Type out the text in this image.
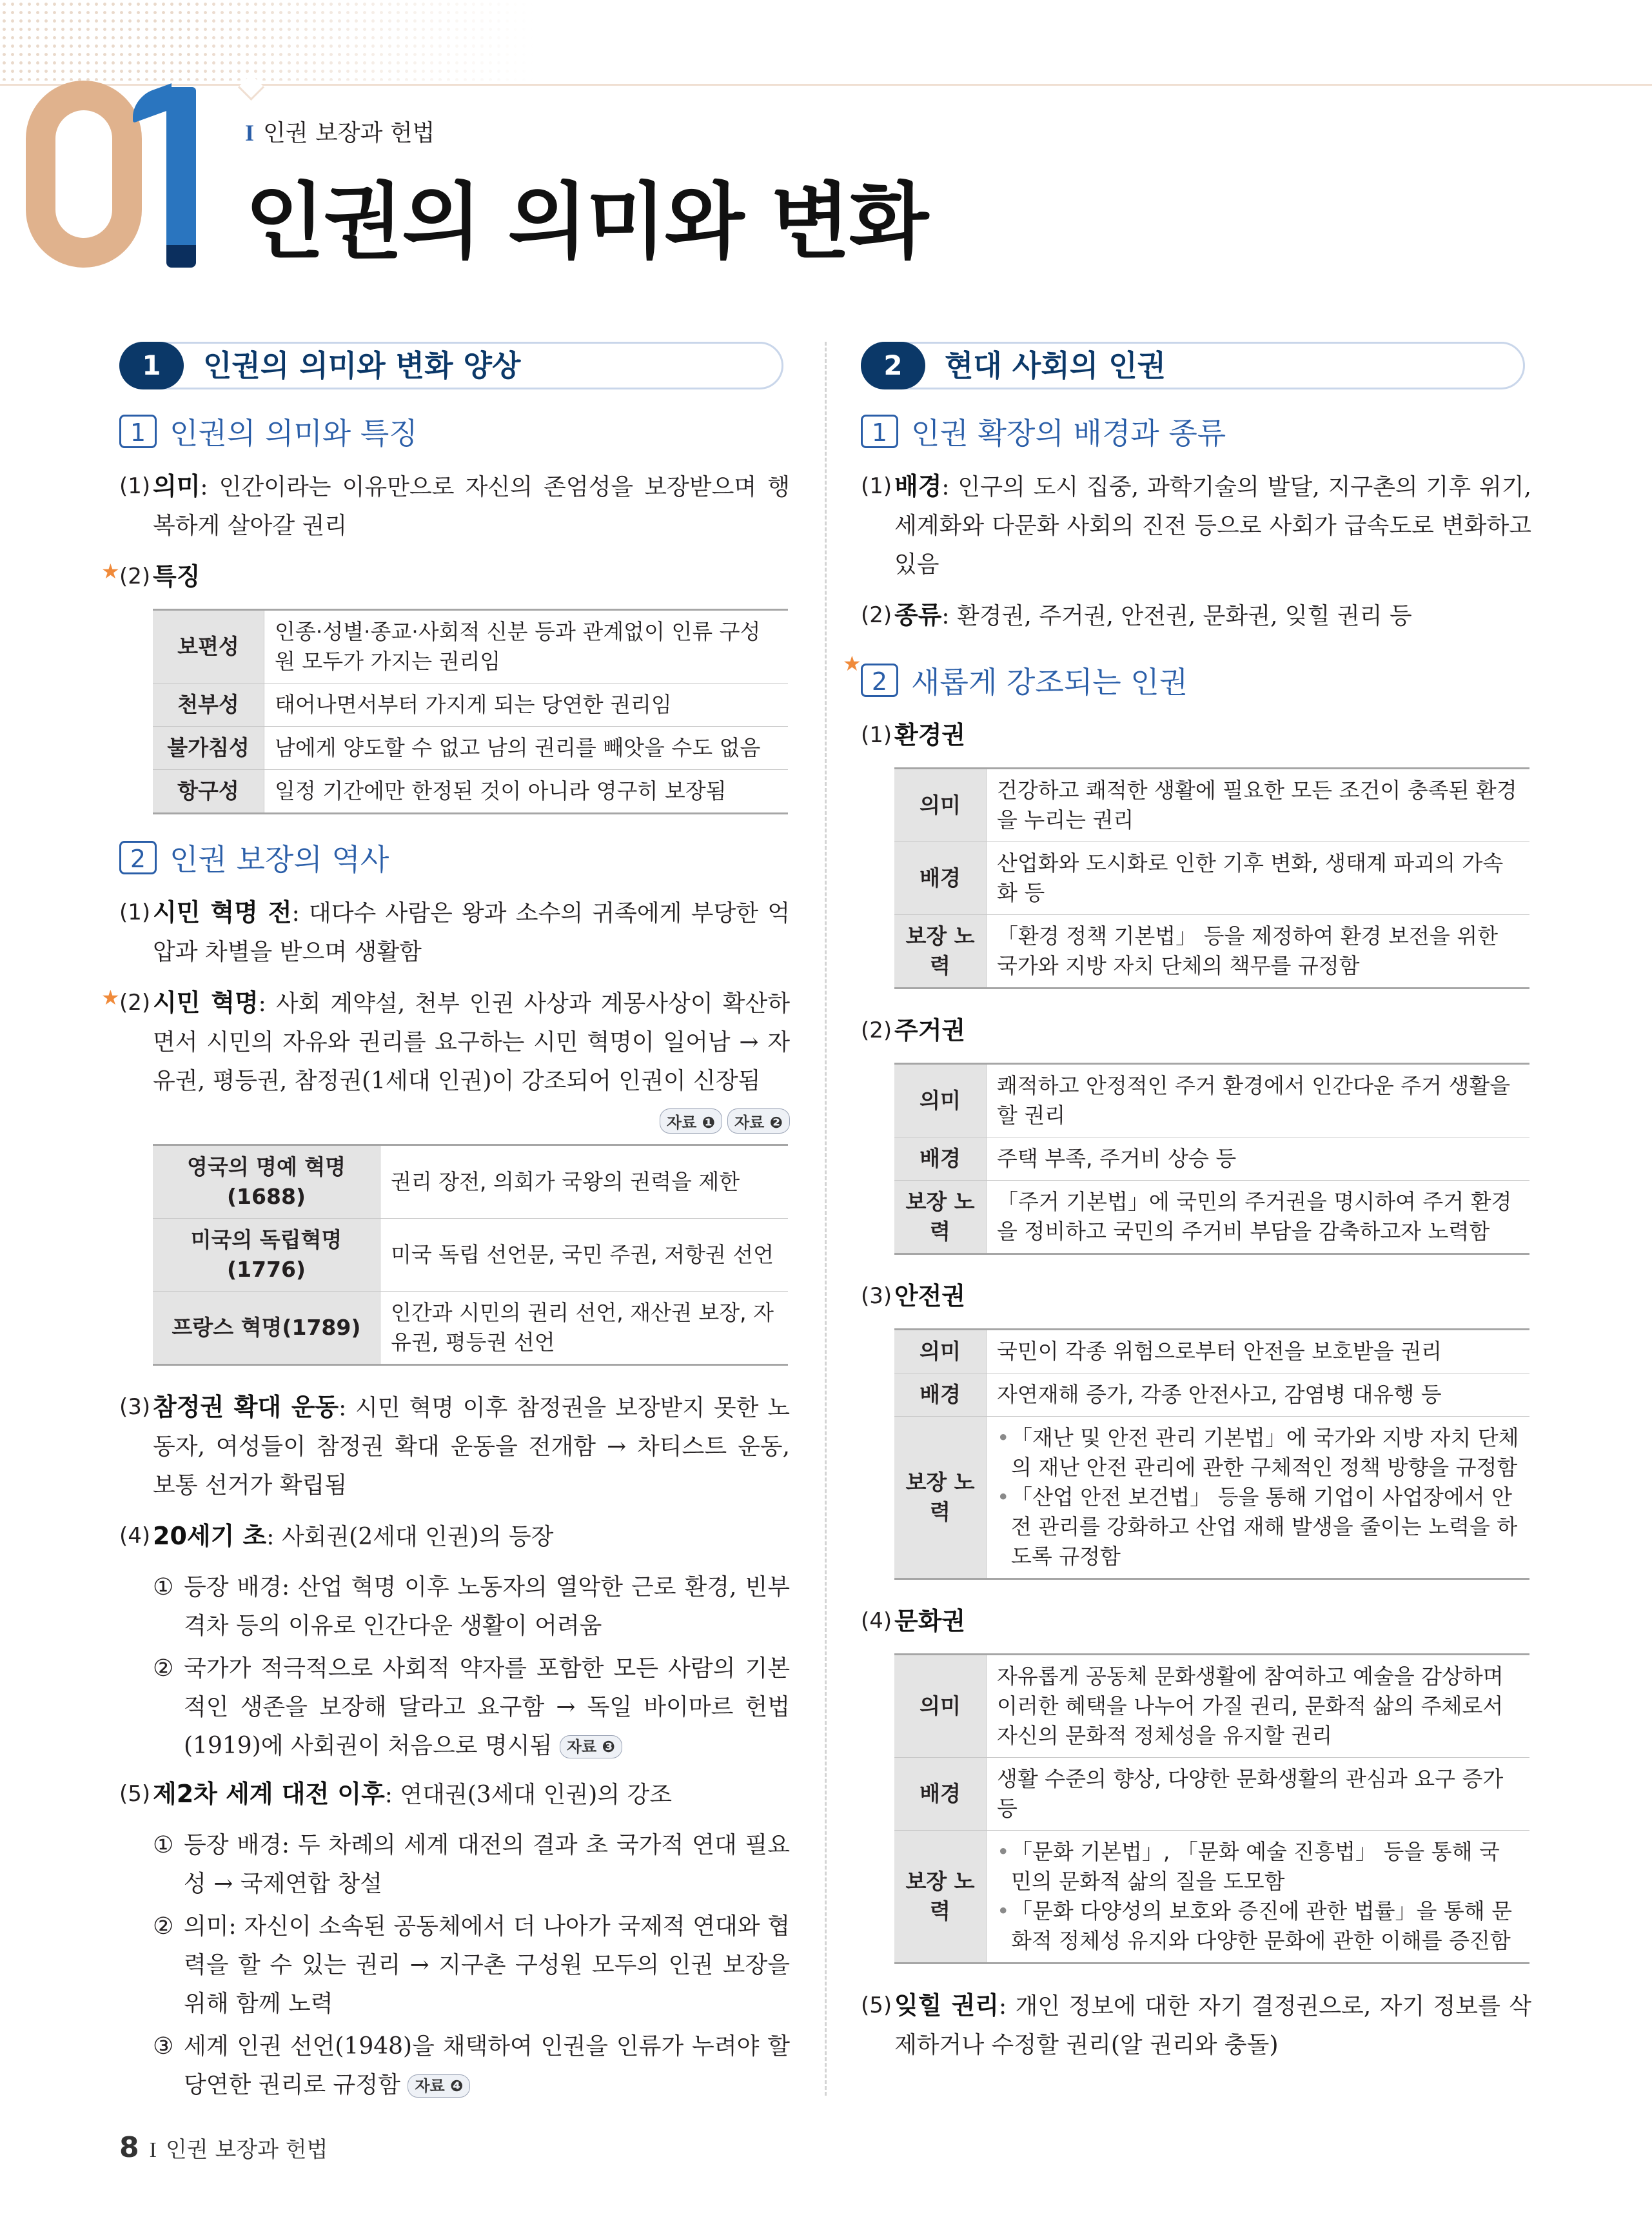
I 인권 보장과 헌법
인권의 의미와 변화
1	인권의 의미와 변화 양상
1 인권의 의미와 특징
(1) 의미: 인간이라는 이유만으로 자신의 존엄성을 보장받으며 행복하게 살아갈 권리
★ (2) 특징
보편성	인종·성별·종교·사회적 신분 등과 관계없이 인류 구성원 모두가 가지는 권리임
천부성	태어나면서부터 가지게 되는 당연한 권리임
불가침성	남에게 양도할 수 없고 남의 권리를 빼앗을 수도 없음
항구성	일정 기간에만 한정된 것이 아니라 영구히 보장됨
2 인권 보장의 역사
(1) 시민 혁명 전: 대다수 사람은 왕과 소수의 귀족에게 부당한 억압과 차별을 받으며 생활함
★ (2) 시민 혁명: 사회 계약설, 천부 인권 사상과 계몽사상이 확산하면서 시민의 자유와 권리를 요구하는 시민 혁명이 일어남 → 자유권, 평등권, 참정권(1세대 인권)이 강조되어 인권이 신장됨
자료 ❶ 자료 ❷
영국의 명예 혁명(1688)	권리 장전, 의회가 국왕의 권력을 제한
미국의 독립혁명(1776)	미국 독립 선언문, 국민 주권, 저항권 선언
프랑스 혁명(1789)	인간과 시민의 권리 선언, 재산권 보장, 자유권, 평등권 선언
(3) 참정권 확대 운동: 시민 혁명 이후 참정권을 보장받지 못한 노동자, 여성들이 참정권 확대 운동을 전개함 → 차티스트 운동, 보통 선거가 확립됨
(4) 20세기 초: 사회권(2세대 인권)의 등장
① 등장 배경: 산업 혁명 이후 노동자의 열악한 근로 환경, 빈부 격차 등의 이유로 인간다운 생활이 어려움
② 국가가 적극적으로 사회적 약자를 포함한 모든 사람의 기본적인 생존을 보장해 달라고 요구함 → 독일 바이마르 헌법(1919)에 사회권이 처음으로 명시됨 자료 ❸
(5) 제2차 세계 대전 이후: 연대권(3세대 인권)의 강조
① 등장 배경: 두 차례의 세계 대전의 결과 초 국가적 연대 필요성 → 국제연합 창설
② 의미: 자신이 소속된 공동체에서 더 나아가 국제적 연대와 협력을 할 수 있는 권리 → 지구촌 구성원 모두의 인권 보장을 위해 함께 노력
③ 세계 인권 선언(1948)을 채택하여 인권을 인류가 누려야 할 당연한 권리로 규정함 자료 ❹
2	현대 사회의 인권
1 인권 확장의 배경과 종류
(1) 배경: 인구의 도시 집중, 과학기술의 발달, 지구촌의 기후 위기, 세계화와 다문화 사회의 진전 등으로 사회가 급속도로 변화하고 있음
(2) 종류: 환경권, 주거권, 안전권, 문화권, 잊힐 권리 등
★
2 새롭게 강조되는 인권
(1) 환경권
의미	건강하고 쾌적한 생활에 필요한 모든 조건이 충족된 환경을 누리는 권리
배경	산업화와 도시화로 인한 기후 변화, 생태계 파괴의 가속화 등
보장 노력	「환경 정책 기본법」 등을 제정하여 환경 보전을 위한 국가와 지방 자치 단체의 책무를 규정함
(2) 주거권
의미	쾌적하고 안정적인 주거 환경에서 인간다운 주거 생활을 할 권리
배경	주택 부족, 주거비 상승 등
보장 노력	「주거 기본법」에 국민의 주거권을 명시하여 주거 환경을 정비하고 국민의 주거비 부담을 감축하고자 노력함
(3) 안전권
의미	국민이 각종 위험으로부터 안전을 보호받을 권리
배경	자연재해 증가, 각종 안전사고, 감염병 대유행 등
보장 노력	• 「재난 및 안전 관리 기본법」에 국가와 지방 자치 단체의 재난 안전 관리에 관한 구체적인 정책 방향을 규정함
• 「산업 안전 보건법」 등을 통해 기업이 사업장에서 안전 관리를 강화하고 산업 재해 발생을 줄이는 노력을 하도록 규정함
(4) 문화권
의미	자유롭게 공동체 문화생활에 참여하고 예술을 감상하며 이러한 혜택을 나누어 가질 권리, 문화적 삶의 주체로서 자신의 문화적 정체성을 유지할 권리
배경	생활 수준의 향상, 다양한 문화생활의 관심과 요구 증가 등
보장 노력	• 「문화 기본법」, 「문화 예술 진흥법」 등을 통해 국민의 문화적 삶의 질을 도모함
• 「문화 다양성의 보호와 증진에 관한 법률」을 통해 문화적 정체성 유지와 다양한 문화에 관한 이해를 증진함
(5) 잊힐 권리: 개인 정보에 대한 자기 결정권으로, 자기 정보를 삭제하거나 수정할 권리(알 권리와 충돌)
8 I 인권 보장과 헌법
